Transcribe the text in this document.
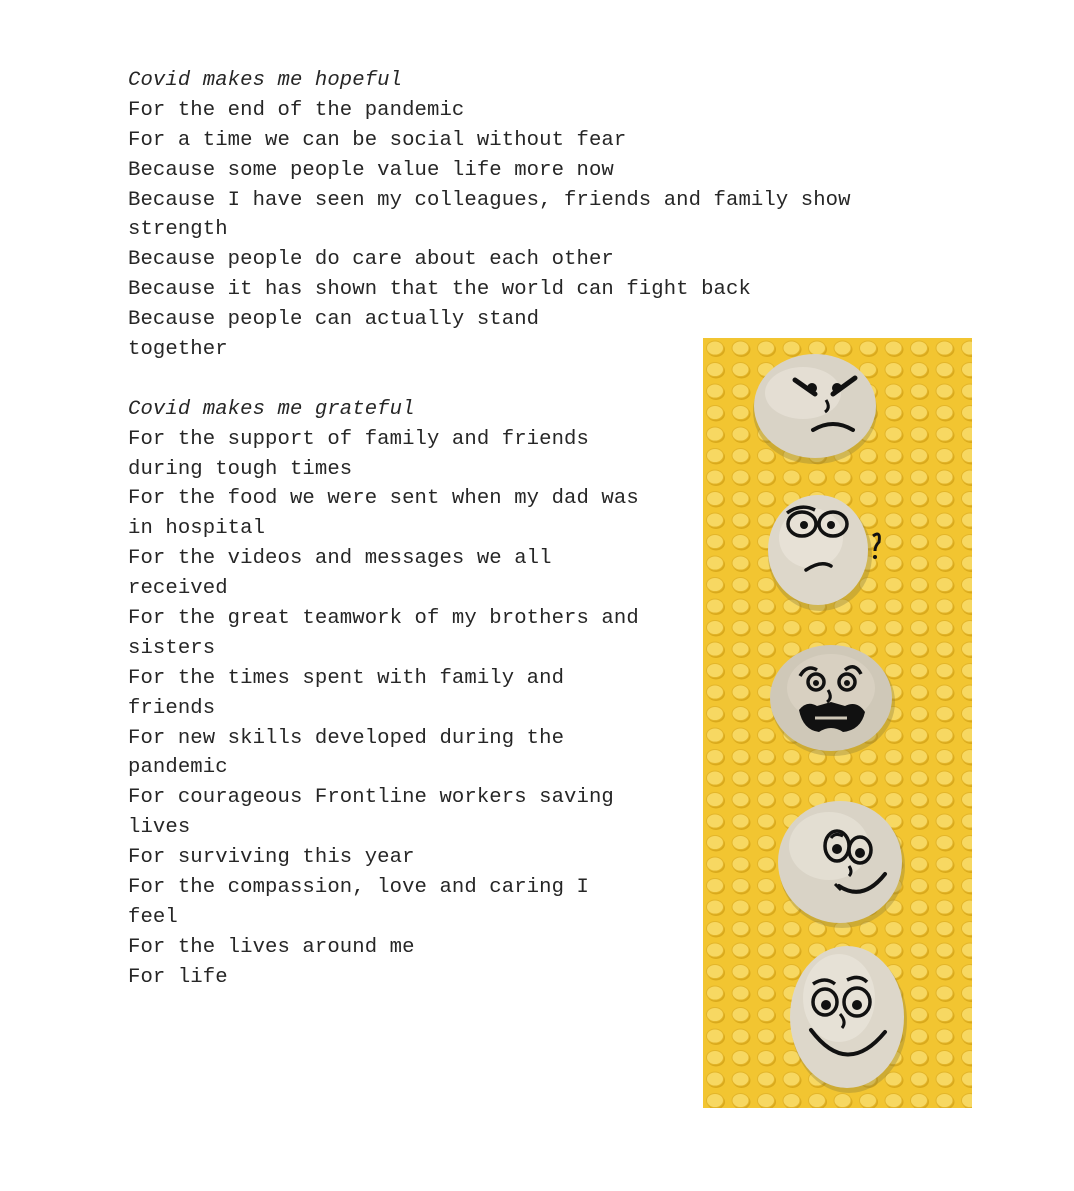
Covid makes me hopeful
For the end of the pandemic
For a time we can be social without fear
Because some people value life more now
Because I have seen my colleagues, friends and family show
strength
Because people do care about each other
Because it has shown that the world can fight back
Because people can actually stand
together
Covid makes me grateful
For the support of family and friends
during tough times
For the food we were sent when my dad was
in hospital
For the videos and messages we all
received
For the great teamwork of my brothers and
sisters
For the times spent with family and
friends
For new skills developed during the
pandemic
For courageous Frontline workers saving
lives
For surviving this year
For the compassion, love and caring I
feel
For the lives around me
For life
